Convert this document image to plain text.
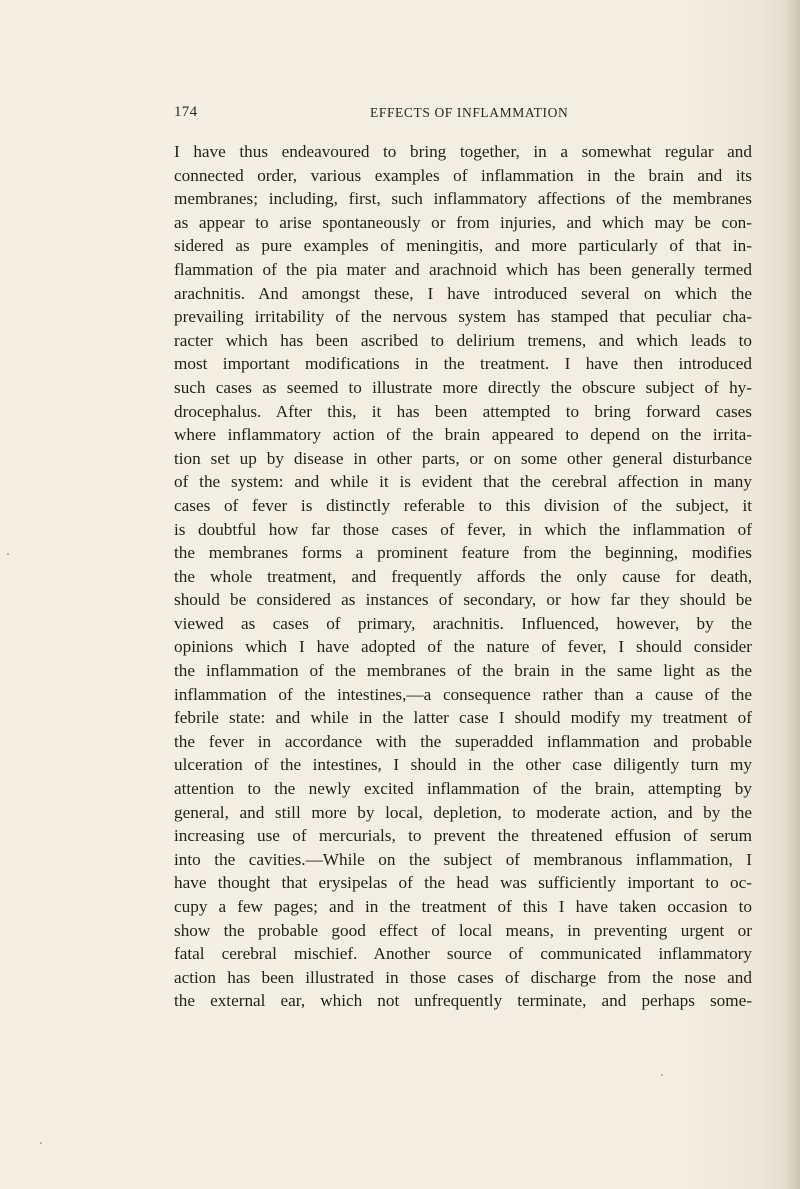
174	EFFECTS OF INFLAMMATION
I have thus endeavoured to bring together, in a somewhat regular and
connected order, various examples of inflammation in the brain and its
membranes; including, first, such inflammatory affections of the membranes
as appear to arise spontaneously or from injuries, and which may be con-
sidered as pure examples of meningitis, and more particularly of that in-
flammation of the pia mater and arachnoid which has been generally termed
arachnitis. And amongst these, I have introduced several on which the
prevailing irritability of the nervous system has stamped that peculiar cha-
racter which has been ascribed to delirium tremens, and which leads to
most important modifications in the treatment. I have then introduced
such cases as seemed to illustrate more directly the obscure subject of hy-
drocephalus. After this, it has been attempted to bring forward cases
where inflammatory action of the brain appeared to depend on the irrita-
tion set up by disease in other parts, or on some other general disturbance
of the system: and while it is evident that the cerebral affection in many
cases of fever is distinctly referable to this division of the subject, it
is doubtful how far those cases of fever, in which the inflammation of
the membranes forms a prominent feature from the beginning, modifies
the whole treatment, and frequently affords the only cause for death,
should be considered as instances of secondary, or how far they should be
viewed as cases of primary, arachnitis. Influenced, however, by the
opinions which I have adopted of the nature of fever, I should consider
the inflammation of the membranes of the brain in the same light as the
inflammation of the intestines,—a consequence rather than a cause of the
febrile state: and while in the latter case I should modify my treatment of
the fever in accordance with the superadded inflammation and probable
ulceration of the intestines, I should in the other case diligently turn my
attention to the newly excited inflammation of the brain, attempting by
general, and still more by local, depletion, to moderate action, and by the
increasing use of mercurials, to prevent the threatened effusion of serum
into the cavities.—While on the subject of membranous inflammation, I
have thought that erysipelas of the head was sufficiently important to oc-
cupy a few pages; and in the treatment of this I have taken occasion to
show the probable good effect of local means, in preventing urgent or
fatal cerebral mischief. Another source of communicated inflammatory
action has been illustrated in those cases of discharge from the nose and
the external ear, which not unfrequently terminate, and perhaps some-
